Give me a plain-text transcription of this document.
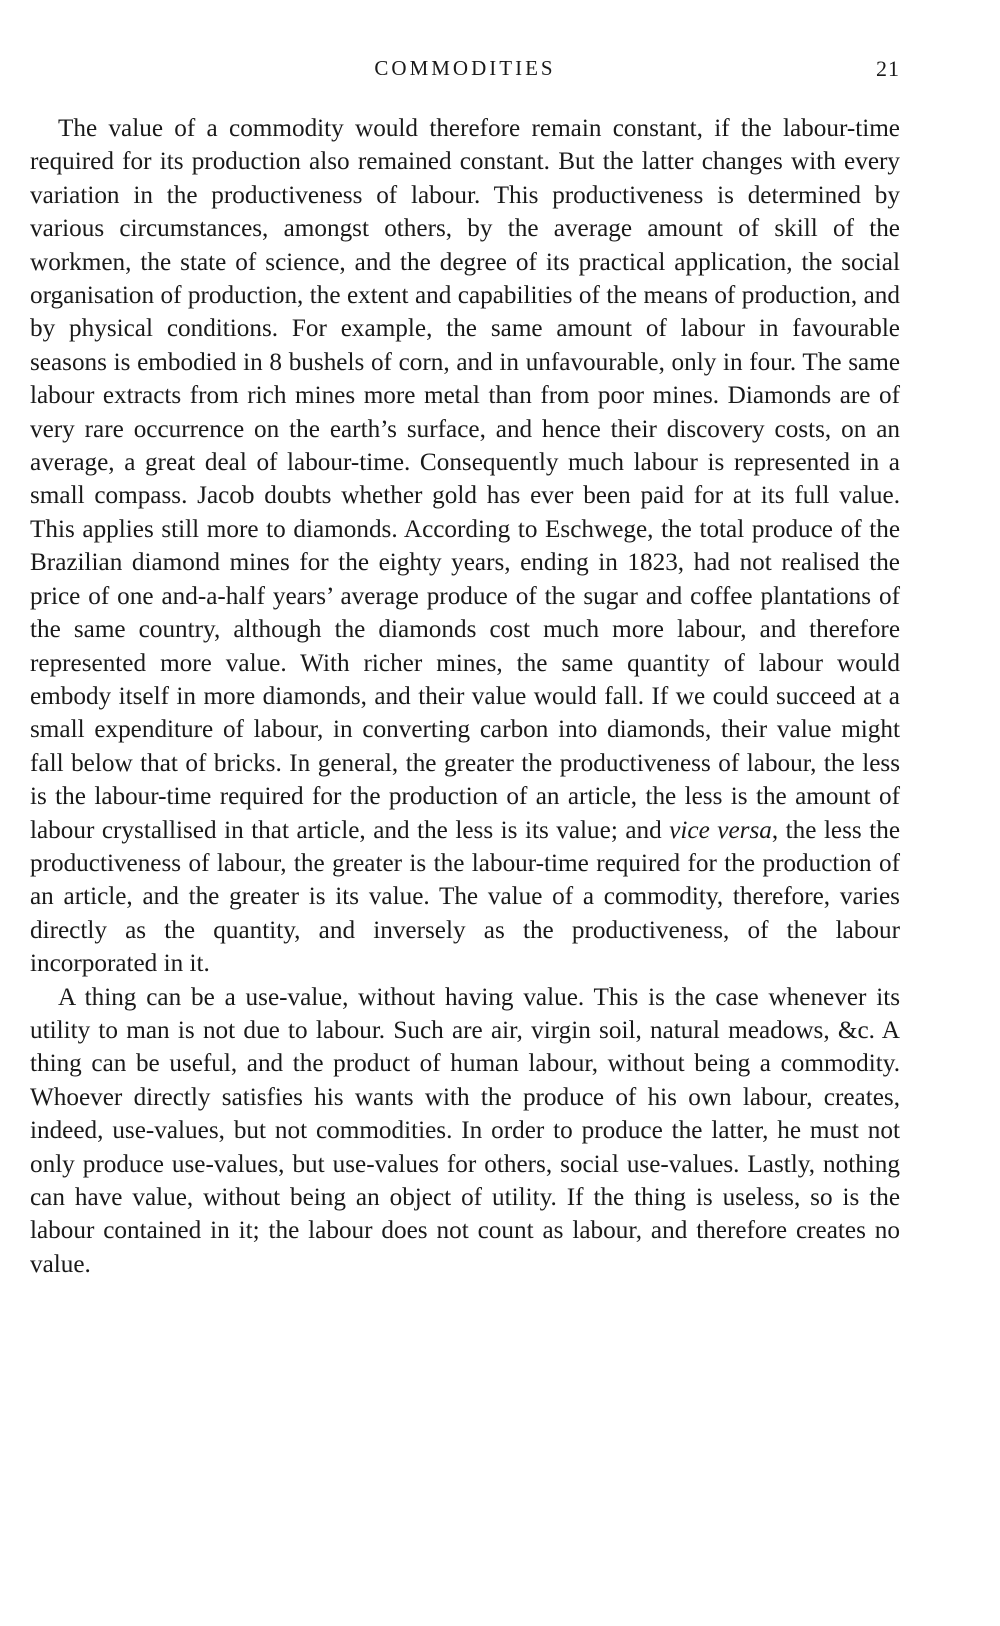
COMMODITIES	21

The value of a commodity would therefore remain constant, if the labour-time required for its production also remained constant. But the latter changes with every variation in the productiveness of labour. This productiveness is determined by various circumstances, amongst others, by the average amount of skill of the workmen, the state of science, and the degree of its practical application, the social organisation of production, the extent and capabilities of the means of production, and by physical conditions. For example, the same amount of labour in favourable seasons is embodied in 8 bushels of corn, and in unfavourable, only in four. The same labour extracts from rich mines more metal than from poor mines. Diamonds are of very rare occurrence on the earth’s surface, and hence their discovery costs, on an average, a great deal of labour-time. Consequently much labour is represented in a small compass. Jacob doubts whether gold has ever been paid for at its full value. This applies still more to diamonds. According to Eschwege, the total produce of the Brazilian diamond mines for the eighty years, ending in 1823, had not realised the price of one and-a-half years’ average produce of the sugar and coffee plantations of the same country, although the diamonds cost much more labour, and therefore represented more value. With richer mines, the same quantity of labour would embody itself in more diamonds, and their value would fall. If we could succeed at a small expenditure of labour, in converting carbon into diamonds, their value might fall below that of bricks. In general, the greater the productiveness of labour, the less is the labour-time required for the production of an article, the less is the amount of labour crystallised in that article, and the less is its value; and vice versa, the less the productiveness of labour, the greater is the labour-time required for the production of an article, and the greater is its value. The value of a commodity, therefore, varies directly as the quantity, and inversely as the productiveness, of the labour incorporated in it.

A thing can be a use-value, without having value. This is the case whenever its utility to man is not due to labour. Such are air, virgin soil, natural meadows, &c. A thing can be useful, and the product of human labour, without being a commodity. Whoever directly satisfies his wants with the produce of his own labour, creates, indeed, use-values, but not commodities. In order to produce the latter, he must not only produce use-values, but use-values for others, social use-values. Lastly, nothing can have value, without being an object of utility. If the thing is useless, so is the labour contained in it; the labour does not count as labour, and therefore creates no value.
